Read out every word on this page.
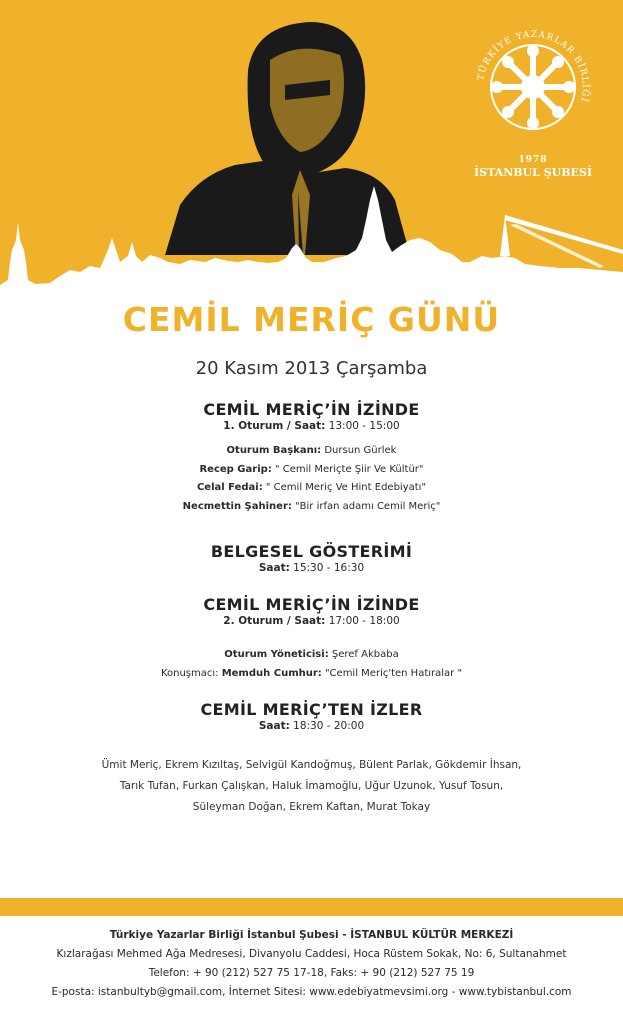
TÜRKİYE YAZARLAR BİRLİĞİ
1978
İSTANBUL ŞUBESİ
CEMİL MERİÇ GÜNÜ
20 Kasım 2013 Çarşamba
CEMİL MERİÇ’İN İZİNDE
1. Oturum / Saat: 13:00 - 15:00
Oturum Başkanı: Dursun Gürlek
Recep Garip: " Cemil Meriçte Şiir Ve Kültür"
Celal Fedai: " Cemil Meriç Ve Hint Edebiyatı"
Necmettin Şahiner: "Bir irfan adamı Cemil Meriç"
BELGESEL GÖSTERİMİ
Saat: 15:30 - 16:30
CEMİL MERİÇ’İN İZİNDE
2. Oturum / Saat: 17:00 - 18:00
Oturum Yöneticisi: Şeref Akbaba
Konuşmacı: Memduh Cumhur: "Cemil Meriç'ten Hatıralar "
CEMİL MERİÇ’TEN İZLER
Saat: 18:30 - 20:00
Ümit Meriç, Ekrem Kızıltaş, Selvigül Kandoğmuş, Bülent Parlak, Gökdemir İhsan,
Tarık Tufan, Furkan Çalışkan, Haluk İmamoğlu, Uğur Uzunok, Yusuf Tosun,
Süleyman Doğan, Ekrem Kaftan, Murat Tokay
Türkiye Yazarlar Birliği İstanbul Şubesi - İSTANBUL KÜLTÜR MERKEZİ
Kızlarağası Mehmed Ağa Medresesi, Divanyolu Caddesi, Hoca Rüstem Sokak, No: 6, Sultanahmet
Telefon: + 90 (212) 527 75 17-18, Faks: + 90 (212) 527 75 19
E-posta: istanbultyb@gmail.com, İnternet Sitesi: www.edebiyatmevsimi.org - www.tybistanbul.com
